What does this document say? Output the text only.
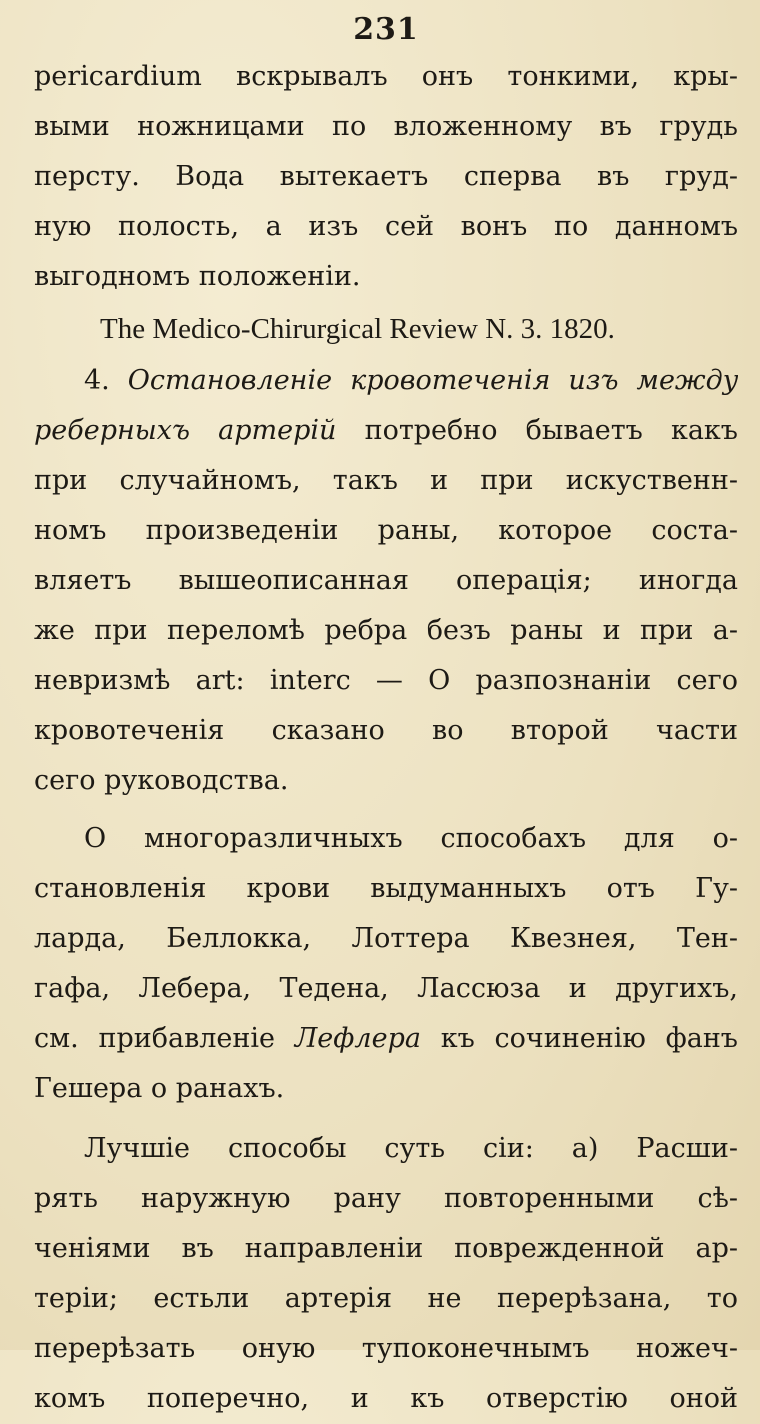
231
pericardium вскрывалъ онъ тонкими, кры-
выми ножницами по вложенному въ грудь
персту. Вода вытекаетъ сперва въ груд-
ную полость, а изъ сей вонъ по данномъ
выгодномъ положеніи.
The Medico-Chirurgical Review N. 3. 1820.
4. Остановленіе кровотеченія изъ междy
реберныхъ артерій потребно бываетъ какъ
при случайномъ, такъ и при искуственн-
номъ произведеніи раны, которое соста-
вляетъ вышеописанная операція; иногда
же при переломѣ ребра безъ раны и при а-
невризмѣ art: interc — О разпознаніи сего
кровотеченія сказано во второй части
сего руководства.
О многоразличныхъ способахъ для о-
становленія крови выдуманныхъ отъ Гу-
ларда, Беллокка, Лоттера Квезнея, Тен-
гафа, Лебера, Тедена, Лассюза и другихъ,
см. прибавленіе Лефлера къ сочиненію фанъ
Гешера о ранахъ.
Лучшіе способы суть сіи: а) Расши-
рять наружную рану повторенными сѣ-
ченіями въ направленіи поврежденной ар-
теріи; естьли артерія не перерѣзана, то
перерѣзать оную тупоконечнымъ ножеч-
комъ поперечно, и къ отверстію оной
